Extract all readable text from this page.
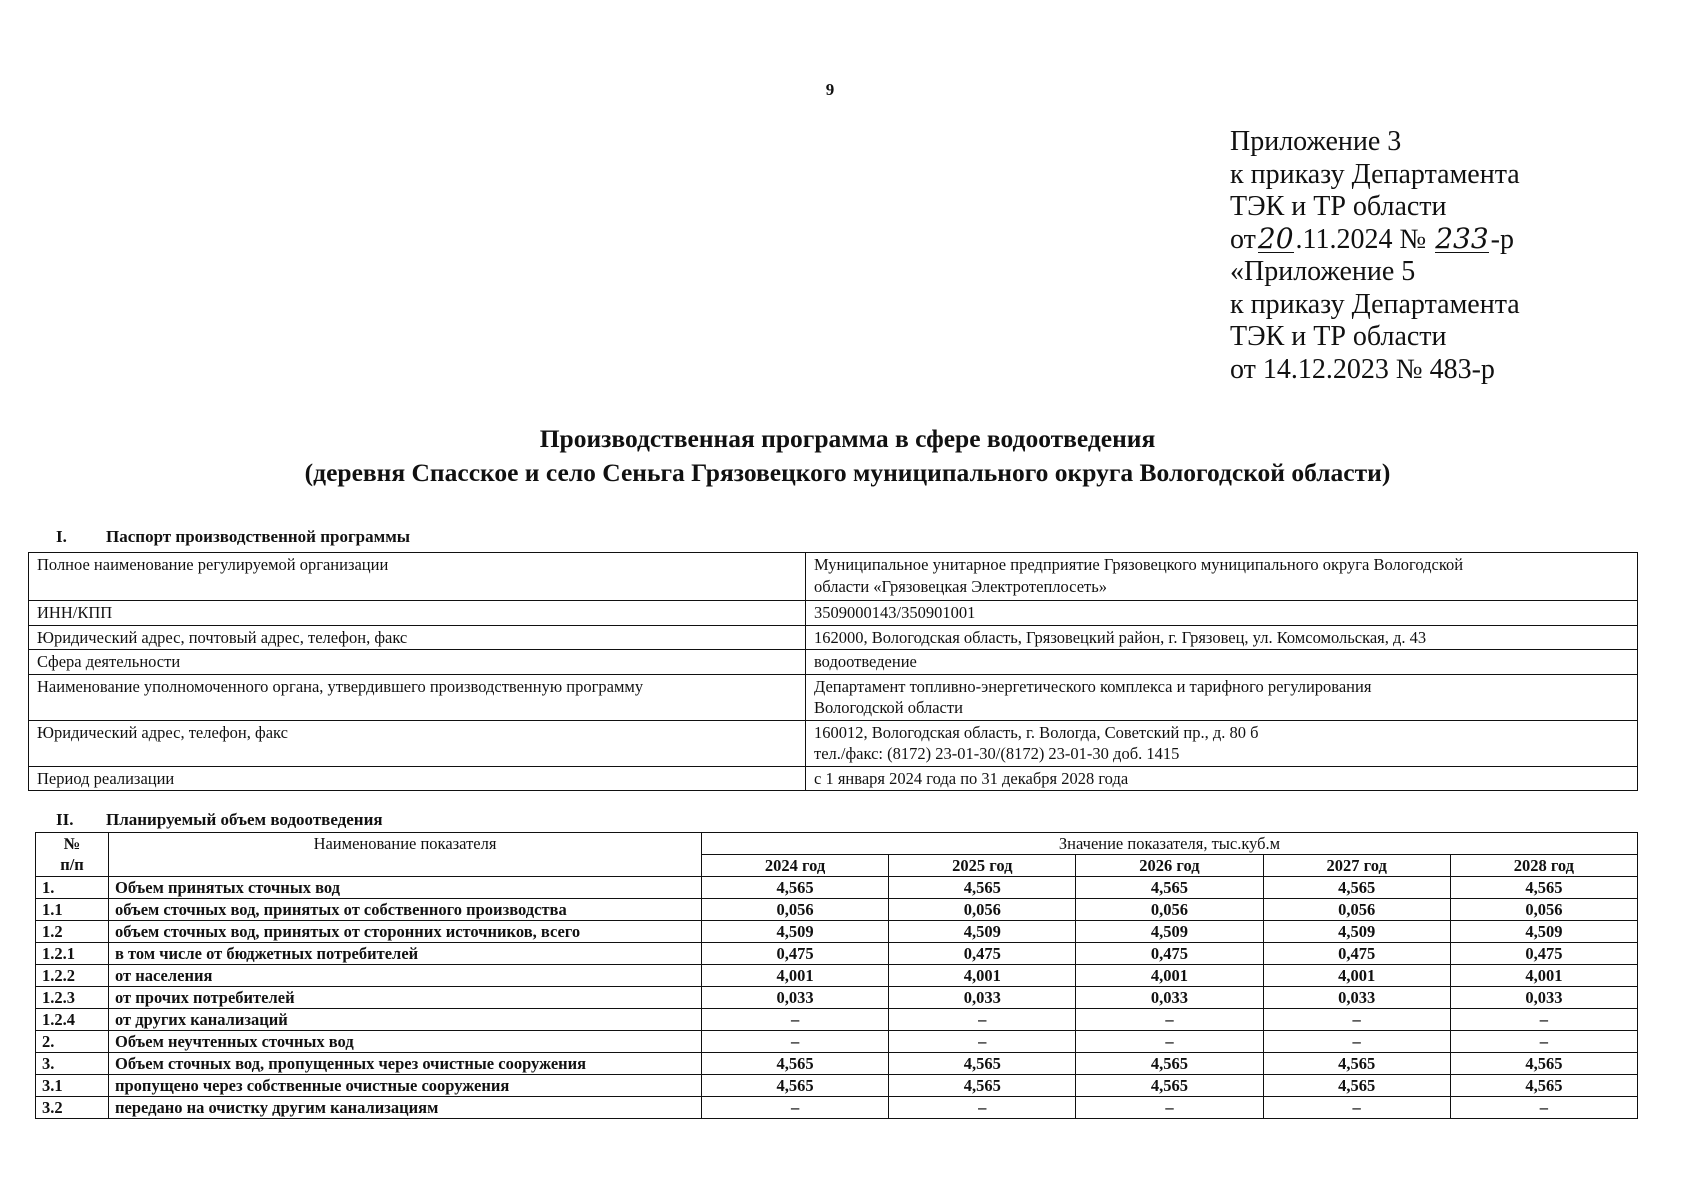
9
Приложение 3
к приказу Департамента
ТЭК и ТР области
от20.11.2024 № 233-р
«Приложение 5
к приказу Департамента
ТЭК и ТР области
от 14.12.2023 № 483-р
Производственная программа в сфере водоотведения
(деревня Спасское и село Сеньга Грязовецкого муниципального округа Вологодской области)
I. Паспорт производственной программы
Полное наименование регулируемой организации	Муниципальное унитарное предприятие Грязовецкого муниципального округа Вологодской
области «Грязовецкая Электротеплосеть»

ИНН/КПП	3509000143/350901001

Юридический адрес, почтовый адрес, телефон, факс	162000, Вологодская область, Грязовецкий район, г. Грязовец, ул. Комсомольская, д. 43

Сфера деятельности	водоотведение

Наименование уполномоченного органа, утвердившего производственную программу	Департамент топливно-энергетического комплекса и тарифного регулирования
Вологодской области

Юридический адрес, телефон, факс	160012, Вологодская область, г. Вологда, Советский пр., д. 80 б
тел./факс: (8172) 23-01-30/(8172) 23-01-30 доб. 1415

Период реализации	с 1 января 2024 года по 31 декабря 2028 года
II. Планируемый объем водоотведения
№
п/п	Наименование показателя	Значение показателя, тыс.куб.м				
		2024 год	2025 год	2026 год	2027 год	2028 год
1.	Объем принятых сточных вод	4,565	4,565	4,565	4,565	4,565
1.1	объем сточных вод, принятых от собственного производства	0,056	0,056	0,056	0,056	0,056
1.2	объем сточных вод, принятых от сторонних источников, всего	4,509	4,509	4,509	4,509	4,509
1.2.1	в том числе от бюджетных потребителей	0,475	0,475	0,475	0,475	0,475
1.2.2	от населения	4,001	4,001	4,001	4,001	4,001
1.2.3	от прочих потребителей	0,033	0,033	0,033	0,033	0,033
1.2.4	от других канализаций	–	–	–	–	–
2.	Объем неучтенных сточных вод	–	–	–	–	–
3.	Объем сточных вод, пропущенных через очистные сооружения	4,565	4,565	4,565	4,565	4,565
3.1	пропущено через собственные очистные сооружения	4,565	4,565	4,565	4,565	4,565
3.2	передано на очистку другим канализациям	–	–	–	–	–
